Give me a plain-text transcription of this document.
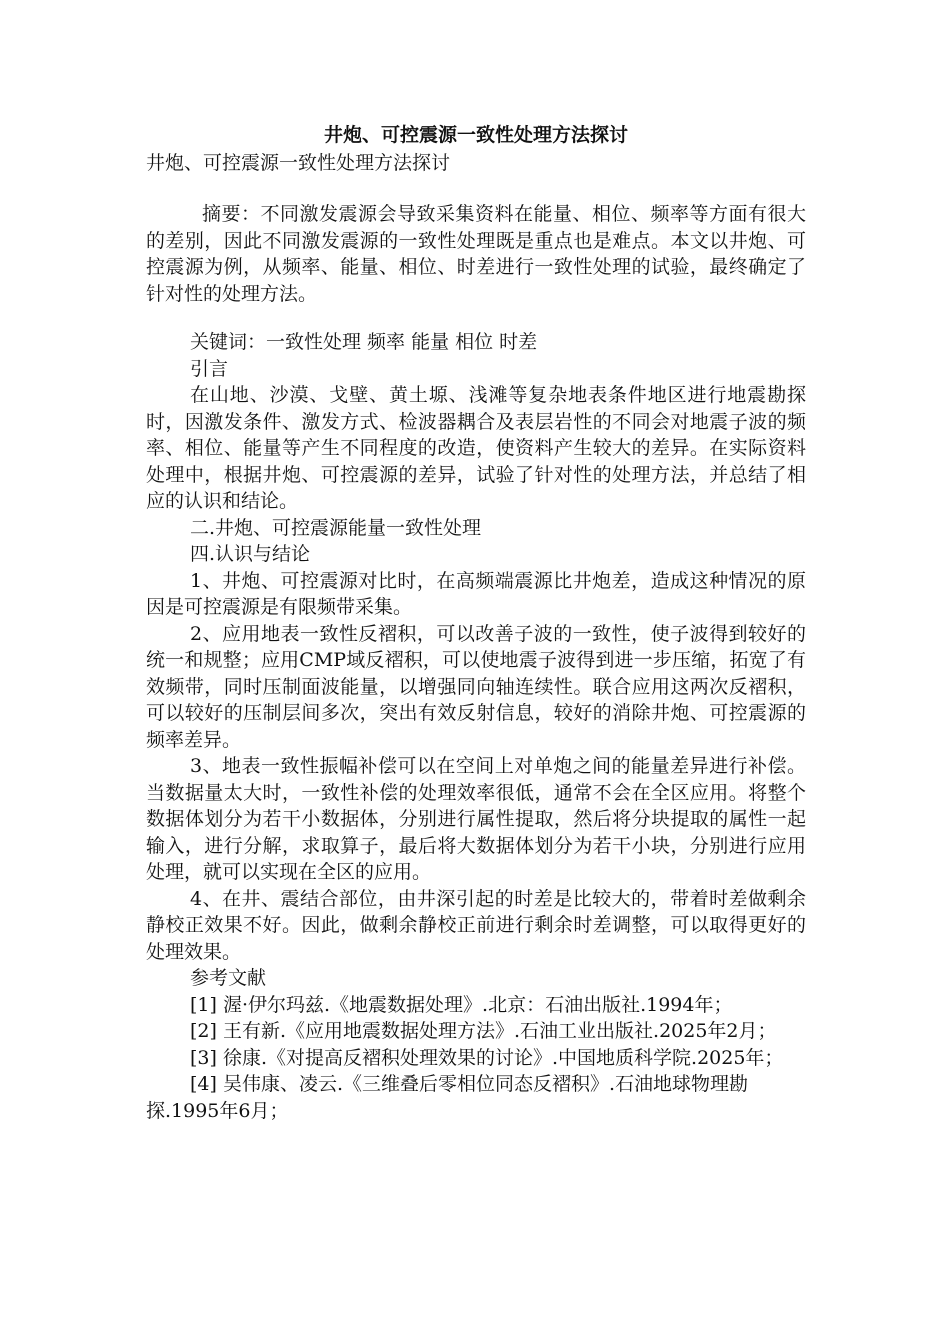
井炮、可控震源一致性处理方法探讨
井炮、可控震源一致性处理方法探讨

摘要：不同激发震源会导致采集资料在能量、相位、频率等方面有很大的差别，因此不同激发震源的一致性处理既是重点也是难点。本文以井炮、可控震源为例，从频率、能量、相位、时差进行一致性处理的试验，最终确定了针对性的处理方法。

关键词：一致性处理 频率 能量 相位 时差

引言

在山地、沙漠、戈壁、黄土塬、浅滩等复杂地表条件地区进行地震勘探时，因激发条件、激发方式、检波器耦合及表层岩性的不同会对地震子波的频率、相位、能量等产生不同程度的改造，使资料产生较大的差异。在实际资料处理中，根据井炮、可控震源的差异，试验了针对性的处理方法，并总结了相应的认识和结论。

二.井炮、可控震源能量一致性处理

四.认识与结论

1、井炮、可控震源对比时，在高频端震源比井炮差，造成这种情况的原因是可控震源是有限频带采集。

2、应用地表一致性反褶积，可以改善子波的一致性，使子波得到较好的统一和规整；应用CMP域反褶积，可以使地震子波得到进一步压缩，拓宽了有效频带，同时压制面波能量，以增强同向轴连续性。联合应用这两次反褶积，可以较好的压制层间多次，突出有效反射信息，较好的消除井炮、可控震源的频率差异。

3、地表一致性振幅补偿可以在空间上对单炮之间的能量差异进行补偿。当数据量太大时，一致性补偿的处理效率很低，通常不会在全区应用。将整个数据体划分为若干小数据体，分别进行属性提取，然后将分块提取的属性一起输入，进行分解，求取算子，最后将大数据体划分为若干小块，分别进行应用处理，就可以实现在全区的应用。

4、在井、震结合部位，由井深引起的时差是比较大的，带着时差做剩余静校正效果不好。因此，做剩余静校正前进行剩余时差调整，可以取得更好的处理效果。

参考文献

[1] 渥·伊尔玛兹.《地震数据处理》.北京：石油出版社.1994年；

[2] 王有新.《应用地震数据处理方法》.石油工业出版社.2025年2月；

[3] 徐康.《对提高反褶积处理效果的讨论》.中国地质科学院.2025年；

[4] 吴伟康、凌云.《三维叠后零相位同态反褶积》.石油地球物理勘探.1995年6月；
